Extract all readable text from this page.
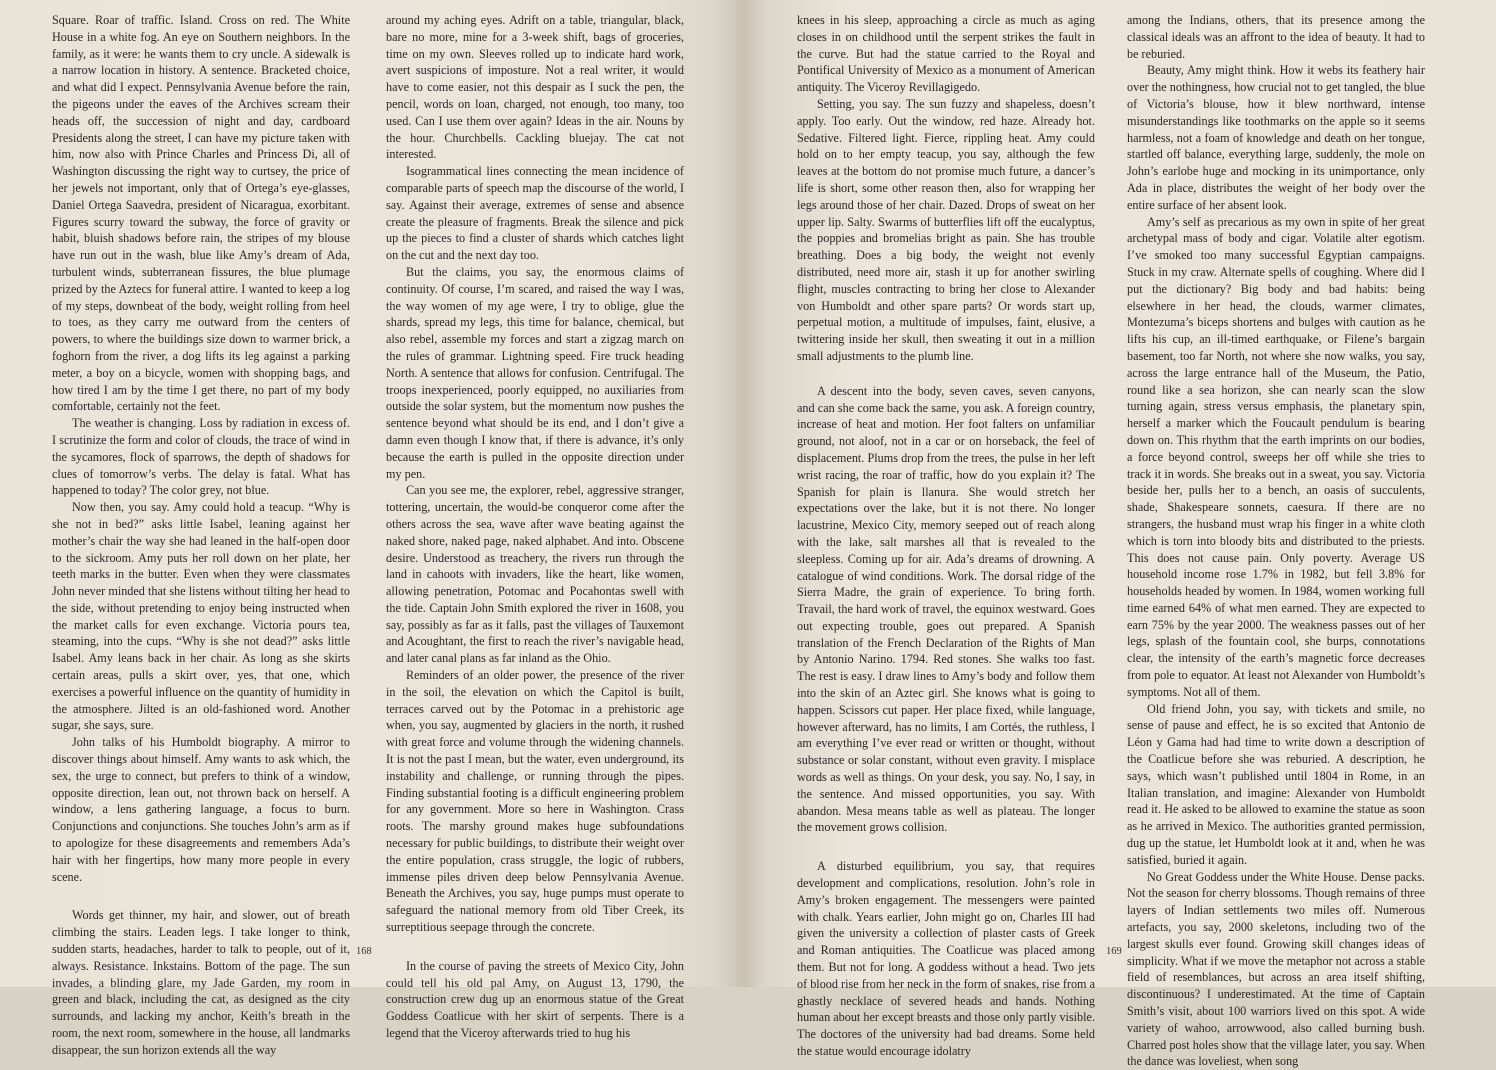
Square. Roar of traffic. Island. Cross on red. The White House in a white fog. An eye on Southern neighbors. In the family, as it were: he wants them to cry uncle. A sidewalk is a narrow location in history. A sentence. Bracketed choice, and what did I expect. Pennsylvania Avenue before the rain, the pigeons under the eaves of the Archives scream their heads off, the succession of night and day, cardboard Presidents along the street, I can have my picture taken with him, now also with Prince Charles and Princess Di, all of Washington discussing the right way to curtsey, the price of her jewels not important, only that of Ortega’s eye-glasses, Daniel Ortega Saavedra, president of Nicaragua, exorbitant. Figures scurry toward the subway, the force of gravity or habit, bluish shadows before rain, the stripes of my blouse have run out in the wash, blue like Amy’s dream of Ada, turbulent winds, subterranean fissures, the blue plumage prized by the Aztecs for funeral attire. I wanted to keep a log of my steps, downbeat of the body, weight rolling from heel to toes, as they carry me outward from the centers of powers, to where the buildings size down to warmer brick, a foghorn from the river, a dog lifts its leg against a parking meter, a boy on a bicycle, women with shopping bags, and how tired I am by the time I get there, no part of my body comfortable, certainly not the feet.

The weather is changing. Loss by radiation in excess of. I scrutinize the form and color of clouds, the trace of wind in the sycamores, flock of sparrows, the depth of shadows for clues of tomorrow’s verbs. The delay is fatal. What has happened to today? The color grey, not blue.

Now then, you say. Amy could hold a teacup. “Why is she not in bed?” asks little Isabel, leaning against her mother’s chair the way she had leaned in the half-open door to the sickroom. Amy puts her roll down on her plate, her teeth marks in the butter. Even when they were classmates John never minded that she listens without tilting her head to the side, without pretending to enjoy being instructed when the market calls for even exchange. Victoria pours tea, steaming, into the cups. “Why is she not dead?” asks little Isabel. Amy leans back in her chair. As long as she skirts certain areas, pulls a skirt over, yes, that one, which exercises a powerful influence on the quantity of humidity in the atmosphere. Jilted is an old-fashioned word. Another sugar, she says, sure.

John talks of his Humboldt biography. A mirror to discover things about himself. Amy wants to ask which, the sex, the urge to connect, but prefers to think of a window, opposite direction, lean out, not thrown back on herself. A window, a lens gathering language, a focus to burn. Conjunctions and conjunctions. She touches John’s arm as if to apologize for these disagreements and remembers Ada’s hair with her fingertips, how many more people in every scene.

Words get thinner, my hair, and slower, out of breath climbing the stairs. Leaden legs. I take longer to think, sudden starts, headaches, harder to talk to people, out of it, always. Resistance. Inkstains. Bottom of the page. The sun invades, a blinding glare, my Jade Garden, my room in green and black, including the cat, as designed as the city surrounds, and lacking my anchor, Keith’s breath in the room, the next room, somewhere in the house, all landmarks disappear, the sun horizon extends all the way

around my aching eyes. Adrift on a table, triangular, black, bare no more, mine for a 3-week shift, bags of groceries, time on my own. Sleeves rolled up to indicate hard work, avert suspicions of imposture. Not a real writer, it would have to come easier, not this despair as I suck the pen, the pencil, words on loan, charged, not enough, too many, too used. Can I use them over again? Ideas in the air. Nouns by the hour. Churchbells. Cackling bluejay. The cat not interested.

Isogrammatical lines connecting the mean incidence of comparable parts of speech map the discourse of the world, I say. Against their average, extremes of sense and absence create the pleasure of fragments. Break the silence and pick up the pieces to find a cluster of shards which catches light on the cut and the next day too.

But the claims, you say, the enormous claims of continuity. Of course, I’m scared, and raised the way I was, the way women of my age were, I try to oblige, glue the shards, spread my legs, this time for balance, chemical, but also rebel, assemble my forces and start a zigzag march on the rules of grammar. Lightning speed. Fire truck heading North. A sentence that allows for confusion. Centrifugal. The troops inexperienced, poorly equipped, no auxiliaries from outside the solar system, but the momentum now pushes the sentence beyond what should be its end, and I don’t give a damn even though I know that, if there is advance, it’s only because the earth is pulled in the opposite direction under my pen.

Can you see me, the explorer, rebel, aggressive stranger, tottering, uncertain, the would-be conqueror come after the others across the sea, wave after wave beating against the naked shore, naked page, naked alphabet. And into. Obscene desire. Understood as treachery, the rivers run through the land in cahoots with invaders, like the heart, like women, allowing penetration, Potomac and Pocahontas swell with the tide. Captain John Smith explored the river in 1608, you say, possibly as far as it falls, past the villages of Tauxemont and Acoughtant, the first to reach the river’s navigable head, and later canal plans as far inland as the Ohio.

Reminders of an older power, the presence of the river in the soil, the elevation on which the Capitol is built, terraces carved out by the Potomac in a prehistoric age when, you say, augmented by glaciers in the north, it rushed with great force and volume through the widening channels. It is not the past I mean, but the water, even underground, its instability and challenge, or running through the pipes. Finding substantial footing is a difficult engineering problem for any government. More so here in Washington. Crass roots. The marshy ground makes huge subfoundations necessary for public buildings, to distribute their weight over the entire population, crass struggle, the logic of rubbers, immense piles driven deep below Pennsylvania Avenue. Beneath the Archives, you say, huge pumps must operate to safeguard the national memory from old Tiber Creek, its surreptitious seepage through the concrete.

In the course of paving the streets of Mexico City, John could tell his old pal Amy, on August 13, 1790, the construction crew dug up an enormous statue of the Great Goddess Coatlicue with her skirt of serpents. There is a legend that the Viceroy afterwards tried to hug his

168

knees in his sleep, approaching a circle as much as aging closes in on childhood until the serpent strikes the fault in the curve. But had the statue carried to the Royal and Pontifical University of Mexico as a monument of American antiquity. The Viceroy Revillagigedo.

Setting, you say. The sun fuzzy and shapeless, doesn’t apply. Too early. Out the window, red haze. Already hot. Sedative. Filtered light. Fierce, rippling heat. Amy could hold on to her empty teacup, you say, although the few leaves at the bottom do not promise much future, a dancer’s life is short, some other reason then, also for wrapping her legs around those of her chair. Dazed. Drops of sweat on her upper lip. Salty. Swarms of butterflies lift off the eucalyptus, the poppies and bromelias bright as pain. She has trouble breathing. Does a big body, the weight not evenly distributed, need more air, stash it up for another swirling flight, muscles contracting to bring her close to Alexander von Humboldt and other spare parts? Or words start up, perpetual motion, a multitude of impulses, faint, elusive, a twittering inside her skull, then sweating it out in a million small adjustments to the plumb line.

A descent into the body, seven caves, seven canyons, and can she come back the same, you ask. A foreign country, increase of heat and motion. Her foot falters on unfamiliar ground, not aloof, not in a car or on horseback, the feel of displacement. Plums drop from the trees, the pulse in her left wrist racing, the roar of traffic, how do you explain it? The Spanish for plain is llanura. She would stretch her expectations over the lake, but it is not there. No longer lacustrine, Mexico City, memory seeped out of reach along with the lake, salt marshes all that is revealed to the sleepless. Coming up for air. Ada’s dreams of drowning. A catalogue of wind conditions. Work. The dorsal ridge of the Sierra Madre, the grain of experience. To bring forth. Travail, the hard work of travel, the equinox westward. Goes out expecting trouble, goes out prepared. A Spanish translation of the French Declaration of the Rights of Man by Antonio Narino. 1794. Red stones. She walks too fast. The rest is easy. I draw lines to Amy’s body and follow them into the skin of an Aztec girl. She knows what is going to happen. Scissors cut paper. Her place fixed, while language, however afterward, has no limits, I am Cortés, the ruthless, I am everything I’ve ever read or written or thought, without substance or solar constant, without even gravity. I misplace words as well as things. On your desk, you say. No, I say, in the sentence. And missed opportunities, you say. With abandon. Mesa means table as well as plateau. The longer the movement grows collision.

A disturbed equilibrium, you say, that requires development and complications, resolution. John’s role in Amy’s broken engagement. The messengers were painted with chalk. Years earlier, John might go on, Charles III had given the university a collection of plaster casts of Greek and Roman antiquities. The Coatlicue was placed among them. But not for long. A goddess without a head. Two jets of blood rise from her neck in the form of snakes, rise from a ghastly necklace of severed heads and hands. Nothing human about her except breasts and those only partly visible. The doctores of the university had bad dreams. Some held the statue would encourage idolatry

among the Indians, others, that its presence among the classical ideals was an affront to the idea of beauty. It had to be reburied.

Beauty, Amy might think. How it webs its feathery hair over the nothingness, how crucial not to get tangled, the blue of Victoria’s blouse, how it blew northward, intense misunderstandings like toothmarks on the apple so it seems harmless, not a foam of knowledge and death on her tongue, startled off balance, everything large, suddenly, the mole on John’s earlobe huge and mocking in its unimportance, only Ada in place, distributes the weight of her body over the entire surface of her absent look.

Amy’s self as precarious as my own in spite of her great archetypal mass of body and cigar. Volatile alter egotism. I’ve smoked too many successful Egyptian campaigns. Stuck in my craw. Alternate spells of coughing. Where did I put the dictionary? Big body and bad habits: being elsewhere in her head, the clouds, warmer climates, Montezuma’s biceps shortens and bulges with caution as he lifts his cup, an ill-timed earthquake, or Filene’s bargain basement, too far North, not where she now walks, you say, across the large entrance hall of the Museum, the Patio, round like a sea horizon, she can nearly scan the slow turning again, stress versus emphasis, the planetary spin, herself a marker which the Foucault pendulum is bearing down on. This rhythm that the earth imprints on our bodies, a force beyond control, sweeps her off while she tries to track it in words. She breaks out in a sweat, you say. Victoria beside her, pulls her to a bench, an oasis of succulents, shade, Shakespeare sonnets, caesura. If there are no strangers, the husband must wrap his finger in a white cloth which is torn into bloody bits and distributed to the priests. This does not cause pain. Only poverty. Average US household income rose 1.7% in 1982, but fell 3.8% for households headed by women. In 1984, women working full time earned 64% of what men earned. They are expected to earn 75% by the year 2000. The weakness passes out of her legs, splash of the fountain cool, she burps, connotations clear, the intensity of the earth’s magnetic force decreases from pole to equator. At least not Alexander von Humboldt’s symptoms. Not all of them.

Old friend John, you say, with tickets and smile, no sense of pause and effect, he is so excited that Antonio de Léon y Gama had had time to write down a description of the Coatlicue before she was reburied. A description, he says, which wasn’t published until 1804 in Rome, in an Italian translation, and imagine: Alexander von Humboldt read it. He asked to be allowed to examine the statue as soon as he arrived in Mexico. The authorities granted permission, dug up the statue, let Humboldt look at it and, when he was satisfied, buried it again.

No Great Goddess under the White House. Dense packs. Not the season for cherry blossoms. Though remains of three layers of Indian settlements two miles off. Numerous artefacts, you say, 2000 skeletons, including two of the largest skulls ever found. Growing skill changes ideas of simplicity. What if we move the metaphor not across a stable field of resemblances, but across an area itself shifting, discontinuous? I underestimated. At the time of Captain Smith’s visit, about 100 warriors lived on this spot. A wide variety of wahoo, arrowwood, also called burning bush. Charred post holes show that the village later, you say. When the dance was loveliest, when song

169
